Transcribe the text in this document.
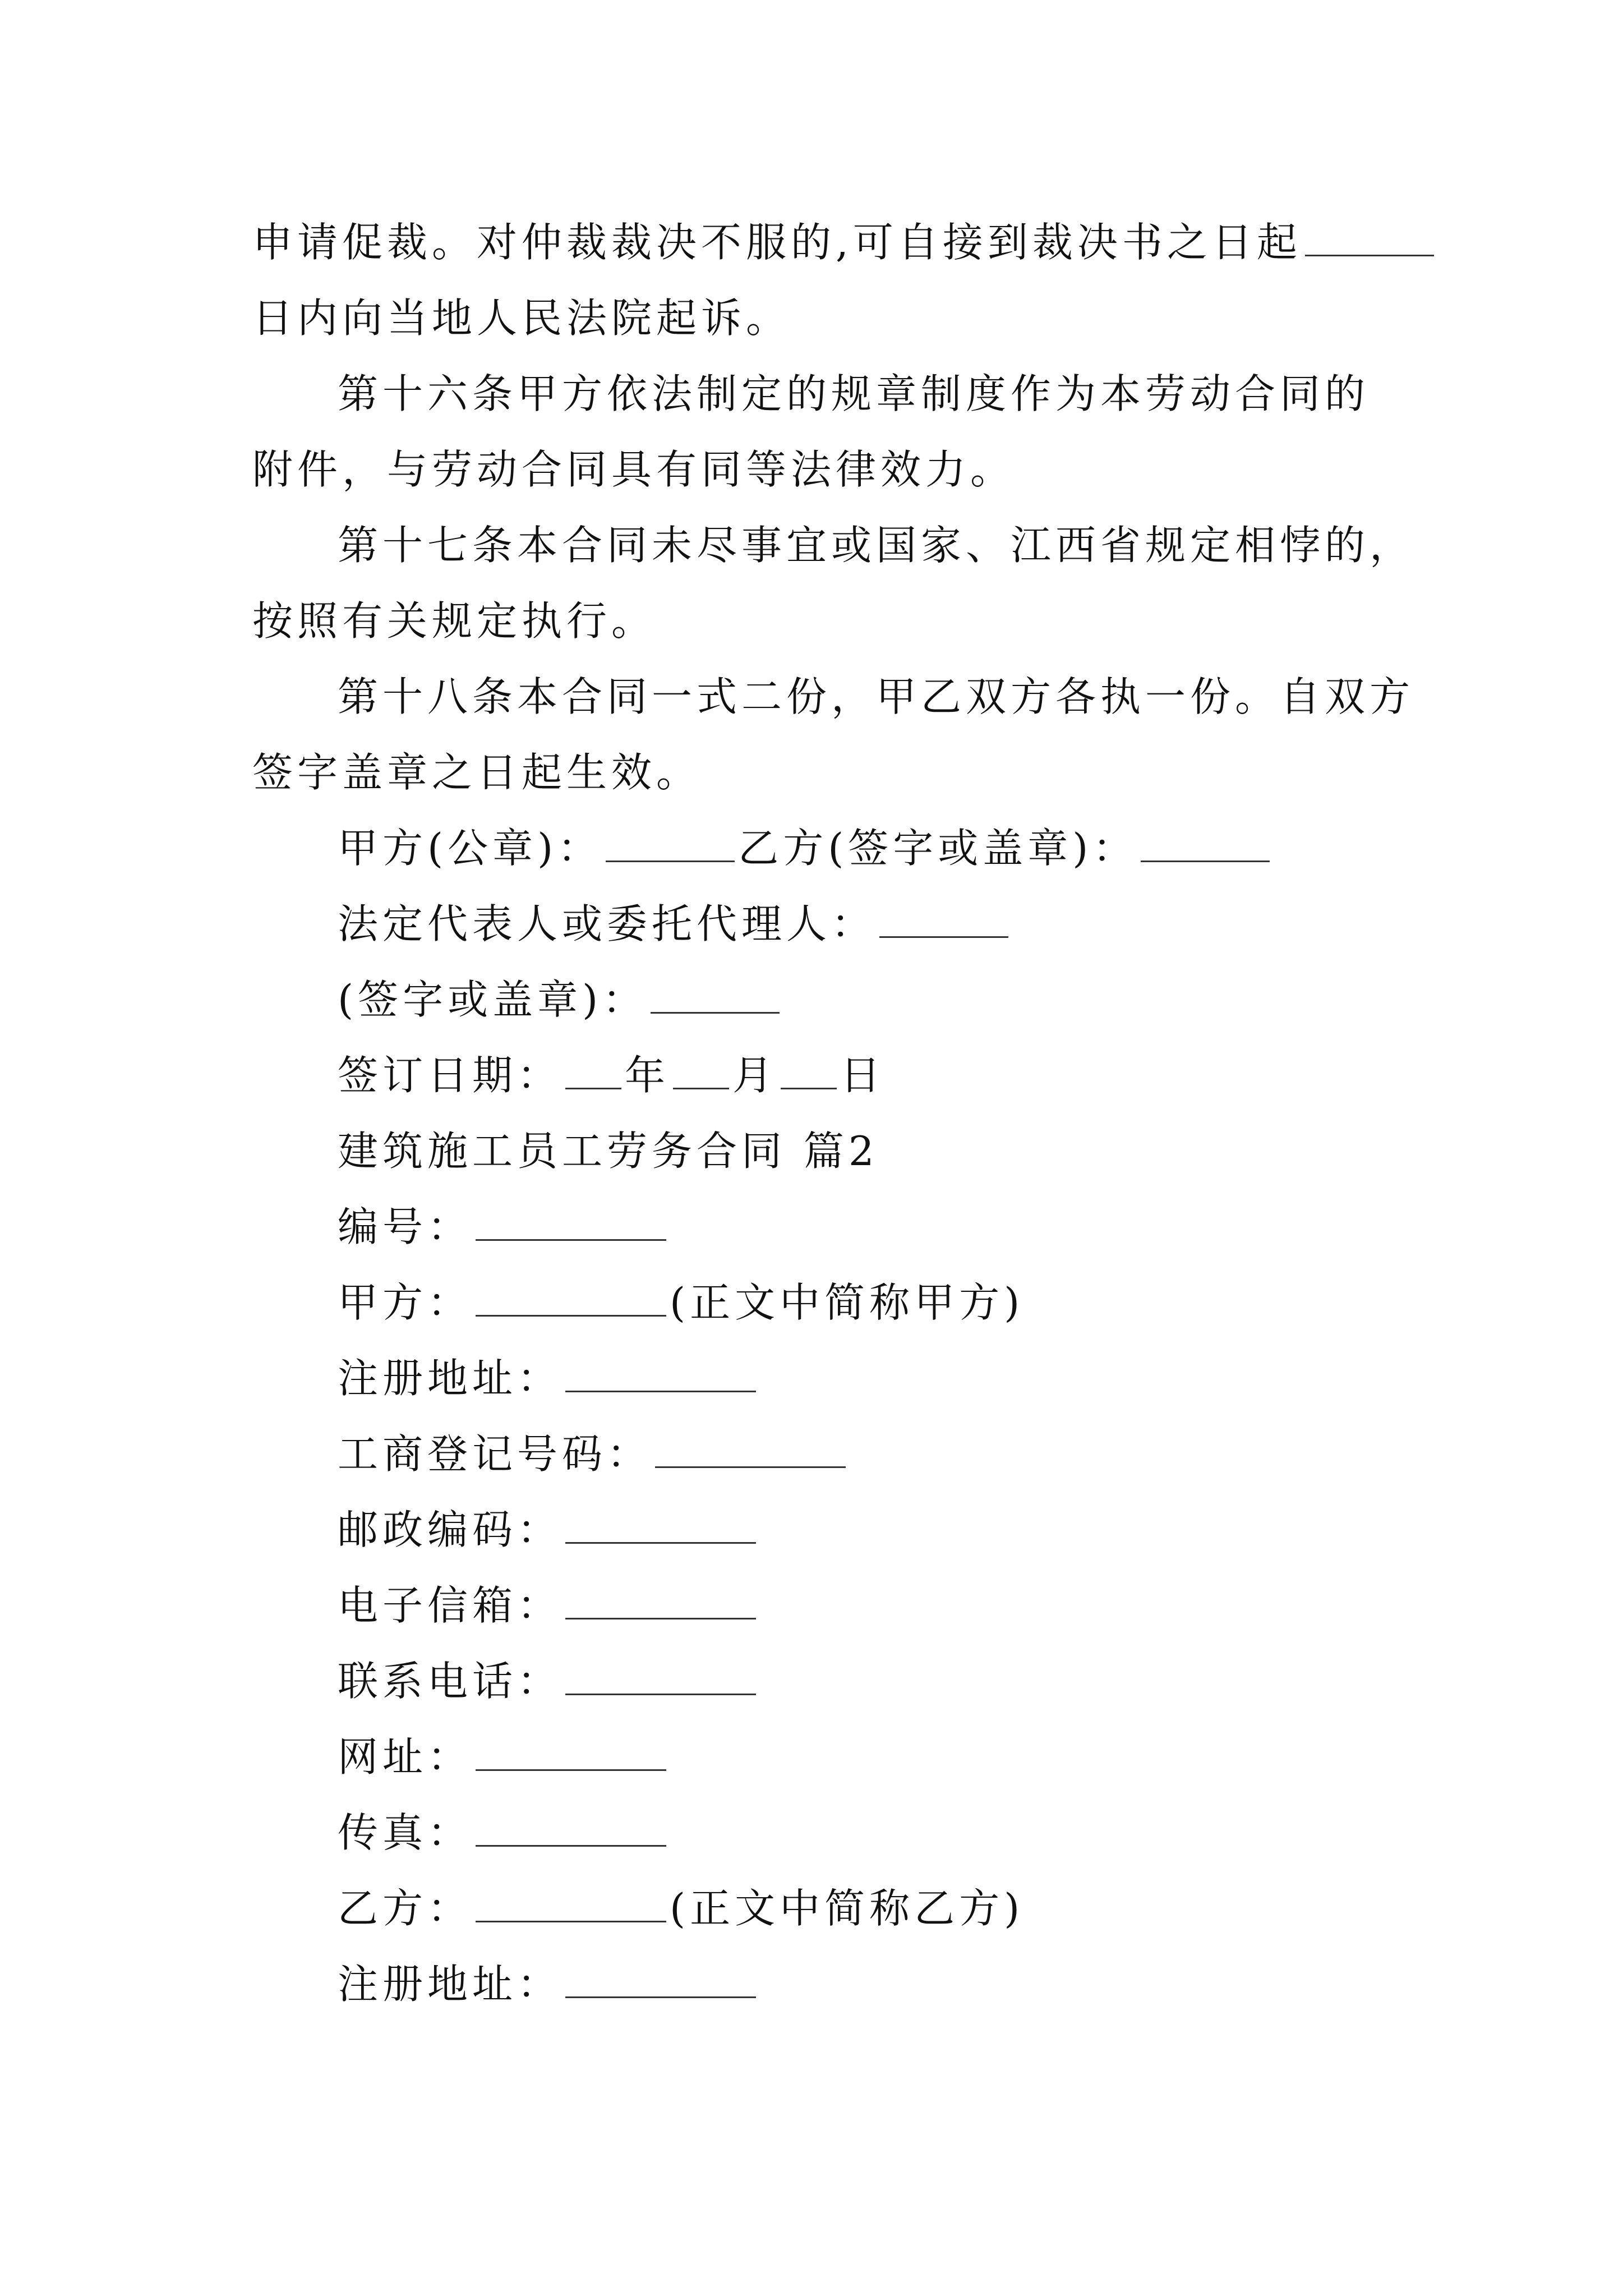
申请促裁。对仲裁裁决不服的,可自接到裁决书之日起
日内向当地人民法院起诉。
第十六条甲方依法制定的规章制度作为本劳动合同的
附件，与劳动合同具有同等法律效力。
第十七条本合同未尽事宜或国家、江西省规定相悖的，
按照有关规定执行。
第十八条本合同一式二份，甲乙双方各执一份。自双方
签字盖章之日起生效。
甲方(公章)：	乙方(签字或盖章)：
法定代表人或委托代理人：
(签字或盖章)：
签订日期： 年 月 日
建筑施工员工劳务合同 篇2
编号：
甲方：	(正文中简称甲方)
注册地址：
工商登记号码：
邮政编码：
电子信箱：
联系电话：
网址：
传真：
乙方：	(正文中简称乙方)
注册地址：
